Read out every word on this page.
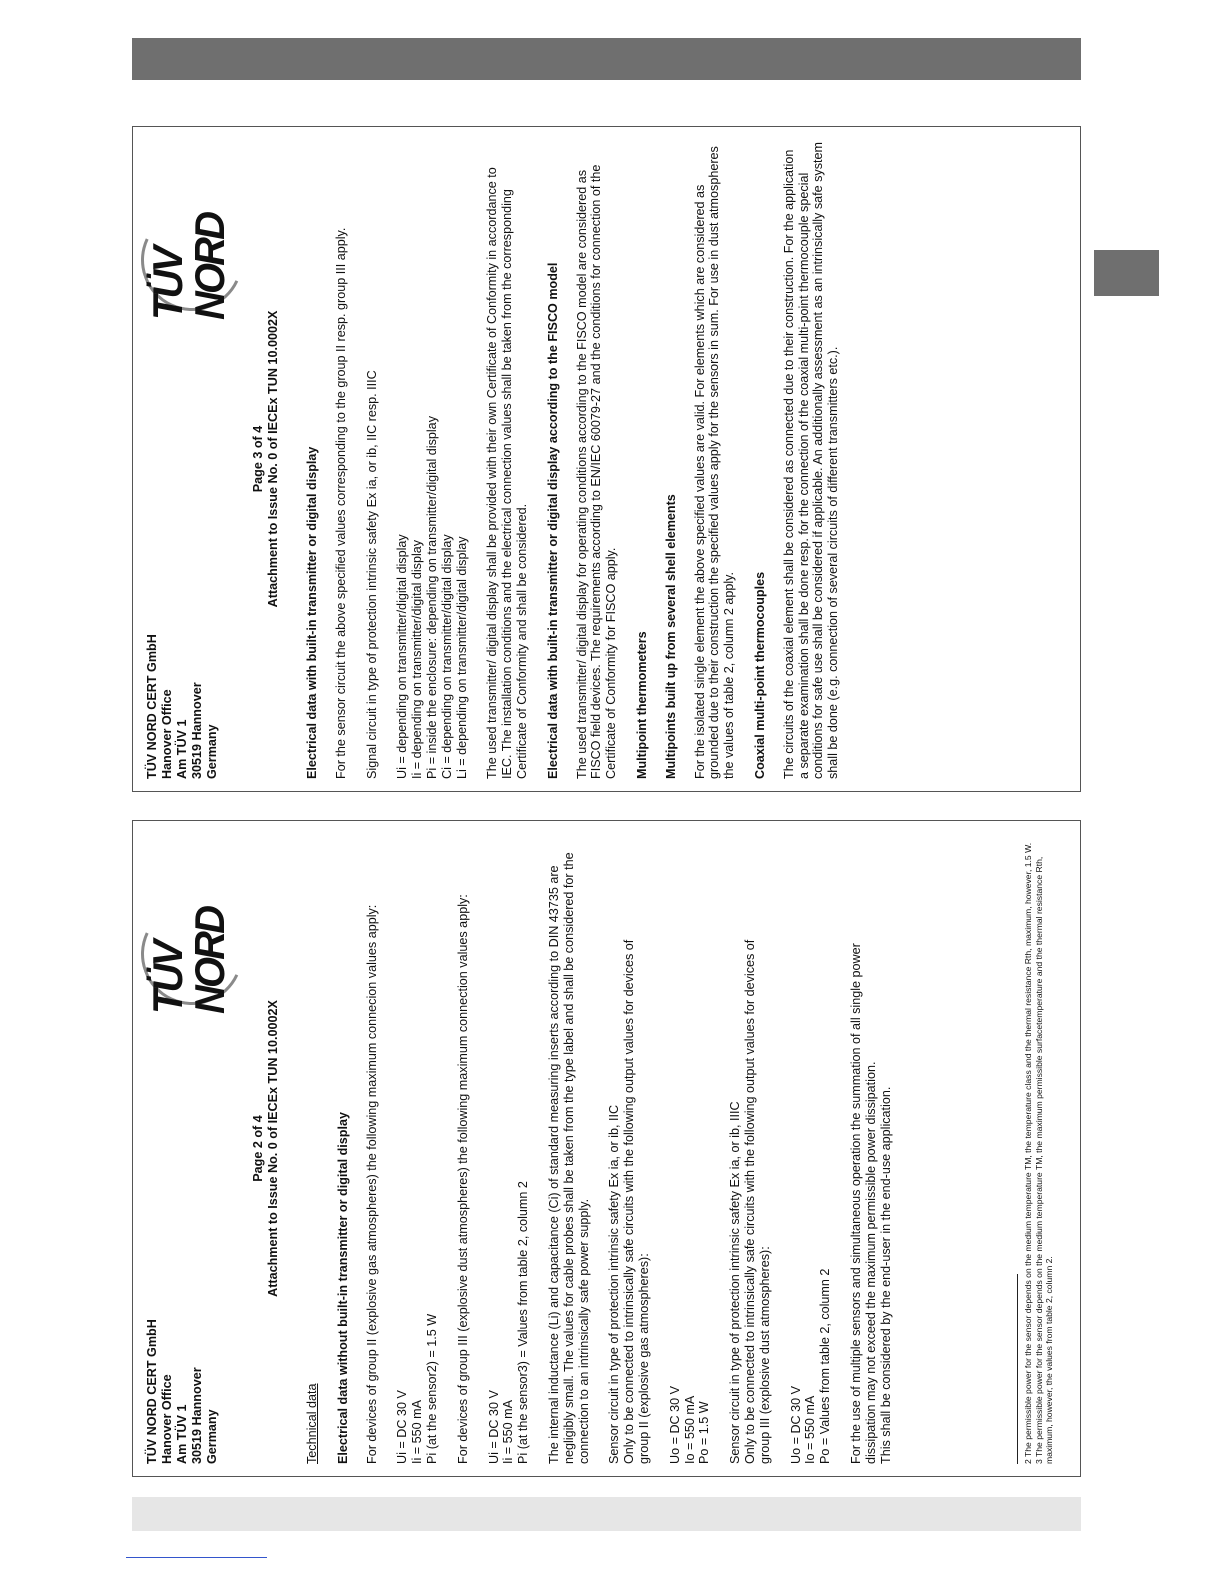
TÜV NORD CERT GmbH Hanover Office Am TÜV 1 30519 Hannover Germany
TÜV NORD
Page 3 of 4 Attachment to Issue No. 0 of IECEx TUN 10.0002X Electrical data with built-in transmitter or digital display For the sensor circuit the above specified values corresponding to the group II resp. group III apply. Signal circuit in type of protection intrinsic safety Ex ia, or ib, IIC resp. IIIC Ui = depending on transmitter/digital display Ii = depending on transmitter/digital display Pi = inside the enclosure: depending on transmitter/digital display Ci = depending on transmitter/digital display Li = depending on transmitter/digital display The used transmitter/ digital display shall be provided with their own Certificate of Conformity in accordance to IEC. The installation conditions and the electrical connection values shall be taken from the corresponding Certificate of Conformity and shall be considered. Electrical data with built-in transmitter or digital display according to the FISCO model The used transmitter/ digital display for operating conditions according to the FISCO model are considered as FISCO field devices. The requirements according to EN/IEC 60079-27 and the conditions for connection of the Certificate of Conformity for FISCO apply. Multipoint thermometers Multipoints built up from several shell elements For the isolated single element the above specified values are valid. For elements which are considered as grounded due to their construction the specified values apply for the sensors in sum. For use in dust atmospheres the values of table 2, column 2 apply. Coaxial multi-point thermocouples The circuits of the coaxial element shall be considered as connected due to their construction. For the application a separate examination shall be done resp. for the connection of the coaxial multi-point thermocouple special conditions for safe use shall be considered if applicable. An additionally assessment as an intrinsically safe system shall be done (e.g. connection of several circuits of different transmitters etc.).

TÜV NORD CERT GmbH Hanover Office Am TÜV 1 30519 Hannover Germany
TÜV NORD
Page 2 of 4 Attachment to Issue No. 0 of IECEx TUN 10.0002X

Technical data Electrical data without built-in transmitter or digital display For devices of group II (explosive gas atmospheres) the following maximum connecion values apply: Ui = DC 30 V Ii = 550 mA Pi (at the sensor2) = 1.5 W For devices of group III (explosive dust atmospheres) the following maximum connection values apply: Ui = DC 30 V Ii = 550 mA Pi (at the sensor3) = Values from table 2, column 2 The internal inductance (Li) and capacitance (Ci) of standard measuring inserts according to DIN 43735 are negligibly small. The values for cable probes shall be taken from the type label and shall be considered for the connection to an intrinsically safe power supply. Sensor circuit in type of protection intrinsic safety Ex ia, or ib, IIC Only to be connected to intrinsically safe circuits with the following output values for devices of group II (explosive gas atmospheres): Uo = DC 30 V Io = 550 mA Po = 1.5 W Sensor circuit in type of protection intrinsic safety Ex ia, or ib, IIIC Only to be connected to intrinsically safe circuits with the following output values for devices of group III (explosive dust atmospheres): Uo = DC 30 V Io = 550 mA Po = Values from table 2, column 2 For the use of multiple sensors and simultaneous operation the summation of all single power dissipation may not exceed the maximum permissible power dissipation. This shall be considered by the end-user in the end-use application.	2 The permissible power for the sensor depends on the medium temperature TM, the temperature class and the thermal resistance Rth, maximum, however, 1.5 W. 3 The permissible power for the sensor depends on the medium temperature TM, the maximum permissible surfacetemperature and the thermal resistance Rth, maximum, however, the values from table 2, column 2.
